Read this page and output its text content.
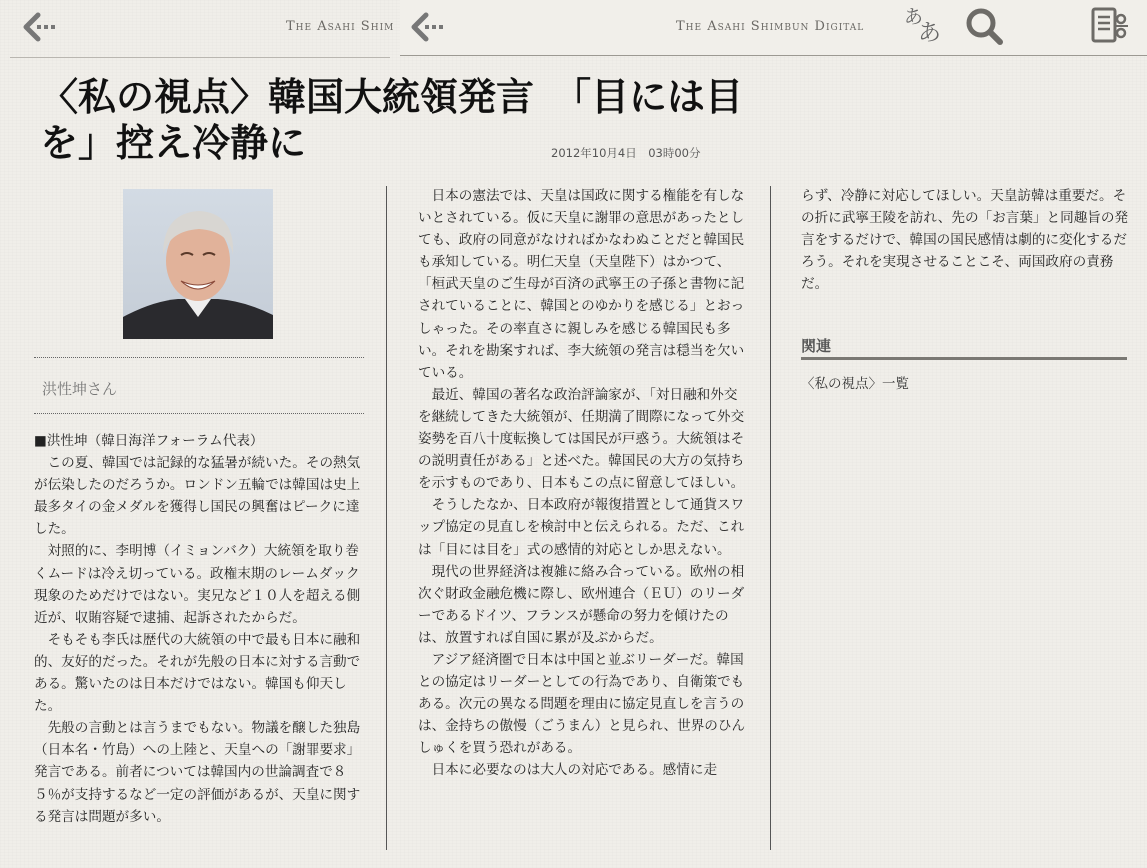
The Asahi Shim	The Asahi Shimbun Digital あ
あ
〈私の視点〉韓国大統領発言　「目には目
を」控え冷静に	2012年10月4日　03時00分
洪性坤さん

■洪性坤（韓日海洋フォーラム代表）

この夏、韓国では記録的な猛暑が続いた。その熱気が伝染したのだろうか。ロンドン五輪では韓国は史上最多タイの金メダルを獲得し国民の興奮はピークに達した。

対照的に、李明博（イミョンバク）大統領を取り巻くムードは冷え切っている。政権末期のレームダック現象のためだけではない。実兄など１０人を超える側近が、収賄容疑で逮捕、起訴されたからだ。

そもそも李氏は歴代の大統領の中で最も日本に融和的、友好的だった。それが先般の日本に対する言動である。驚いたのは日本だけではない。韓国も仰天した。

先般の言動とは言うまでもない。物議を醸した独島（日本名・竹島）への上陸と、天皇への「謝罪要求」発言である。前者については韓国内の世論調査で８５％が支持するなど一定の評価があるが、天皇に関する発言は問題が多い。

日本の憲法では、天皇は国政に関する権能を有しないとされている。仮に天皇に謝罪の意思があったとしても、政府の同意がなければかなわぬことだと韓国民も承知している。明仁天皇（天皇陛下）はかつて、「桓武天皇のご生母が百済の武寧王の子孫と書物に記されていることに、韓国とのゆかりを感じる」とおっしゃった。その率直さに親しみを感じる韓国民も多い。それを勘案すれば、李大統領の発言は穏当を欠いている。

最近、韓国の著名な政治評論家が、「対日融和外交を継続してきた大統領が、任期満了間際になって外交姿勢を百八十度転換しては国民が戸惑う。大統領はその説明責任がある」と述べた。韓国民の大方の気持ちを示すものであり、日本もこの点に留意してほしい。

そうしたなか、日本政府が報復措置として通貨スワップ協定の見直しを検討中と伝えられる。ただ、これは「目には目を」式の感情的対応としか思えない。

現代の世界経済は複雑に絡み合っている。欧州の相次ぐ財政金融危機に際し、欧州連合（ＥＵ）のリーダーであるドイツ、フランスが懸命の努力を傾けたのは、放置すれば自国に累が及ぶからだ。

アジア経済圏で日本は中国と並ぶリーダーだ。韓国との協定はリーダーとしての行為であり、自衛策でもある。次元の異なる問題を理由に協定見直しを言うのは、金持ちの傲慢（ごうまん）と見られ、世界のひんしゅくを買う恐れがある。

日本に必要なのは大人の対応である。感情に走

らず、冷静に対応してほしい。天皇訪韓は重要だ。その折に武寧王陵を訪れ、先の「お言葉」と同趣旨の発言をするだけで、韓国の国民感情は劇的に変化するだろう。それを実現させることこそ、両国政府の責務だ。

関連
〈私の視点〉一覧
